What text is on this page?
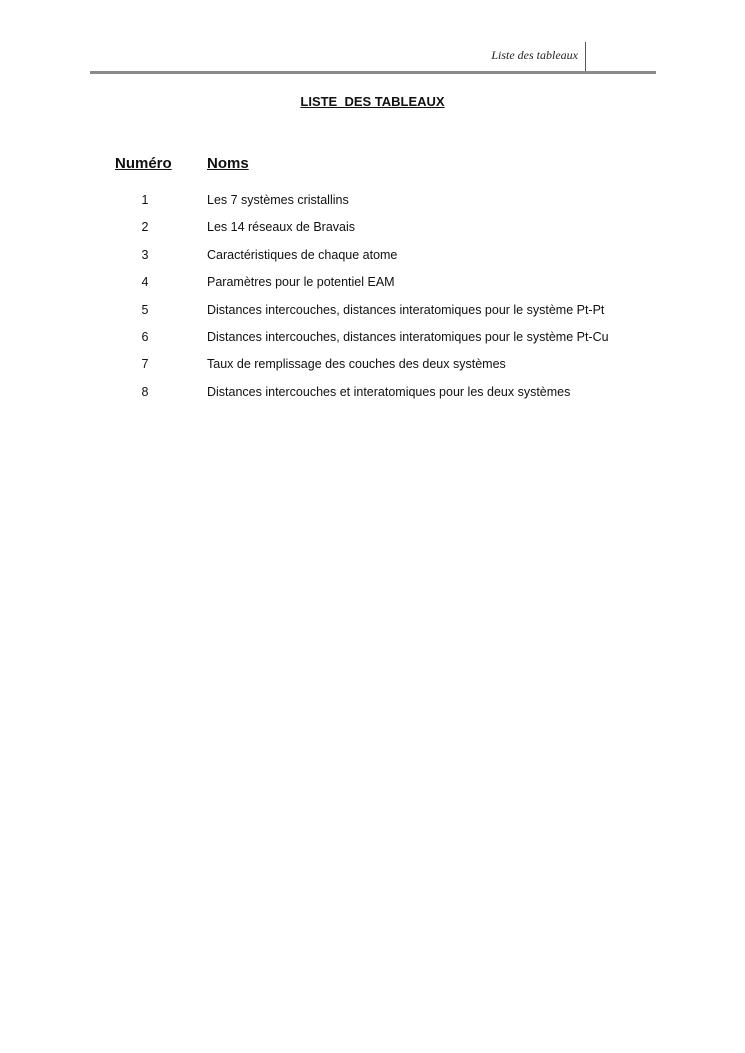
Liste des tableaux
LISTE  DES TABLEAUX
Numéro Noms
1	Les 7 systèmes cristallins
2	Les 14 réseaux de Bravais
3	Caractéristiques de chaque atome
4	Paramètres pour le potentiel EAM
5	Distances intercouches, distances interatomiques pour le système Pt-Pt
6	Distances intercouches, distances interatomiques pour le système Pt-Cu
7	Taux de remplissage des couches des deux systèmes
8	Distances intercouches et interatomiques pour les deux systèmes
